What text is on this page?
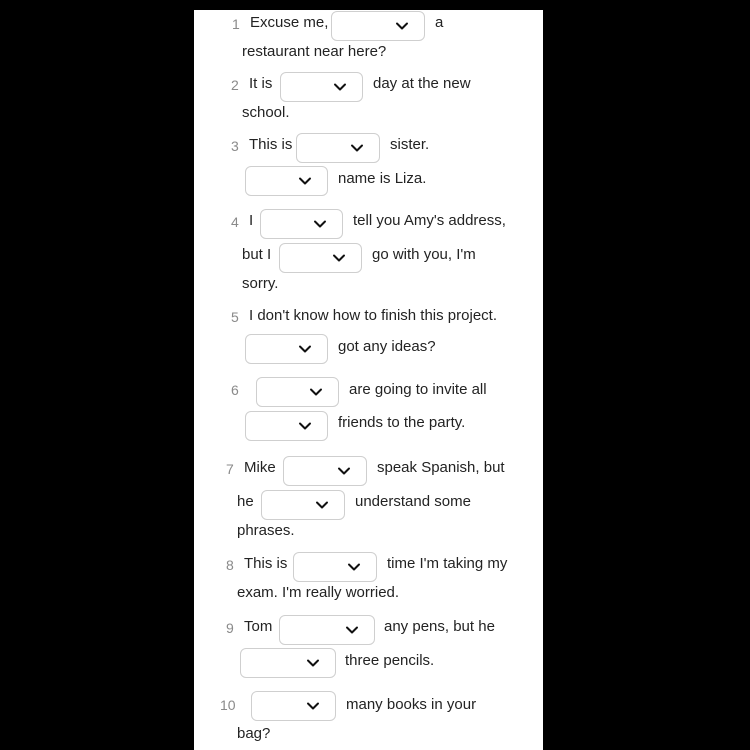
1 Excuse me,	a
restaurant near here?
2 It is	day at the new
school.
3 This is	sister.
name is Liza.
4 I	tell you Amy's address,
but I	go with you, I'm
sorry.
5 I don't know how to finish this project.
got any ideas?
6	are going to invite all
friends to the party.
7 Mike	speak Spanish, but
he	understand some
phrases.
8 This is	time I'm taking my
exam. I'm really worried.
9 Tom	any pens, but he
three pencils.
10	many books in your
bag?
